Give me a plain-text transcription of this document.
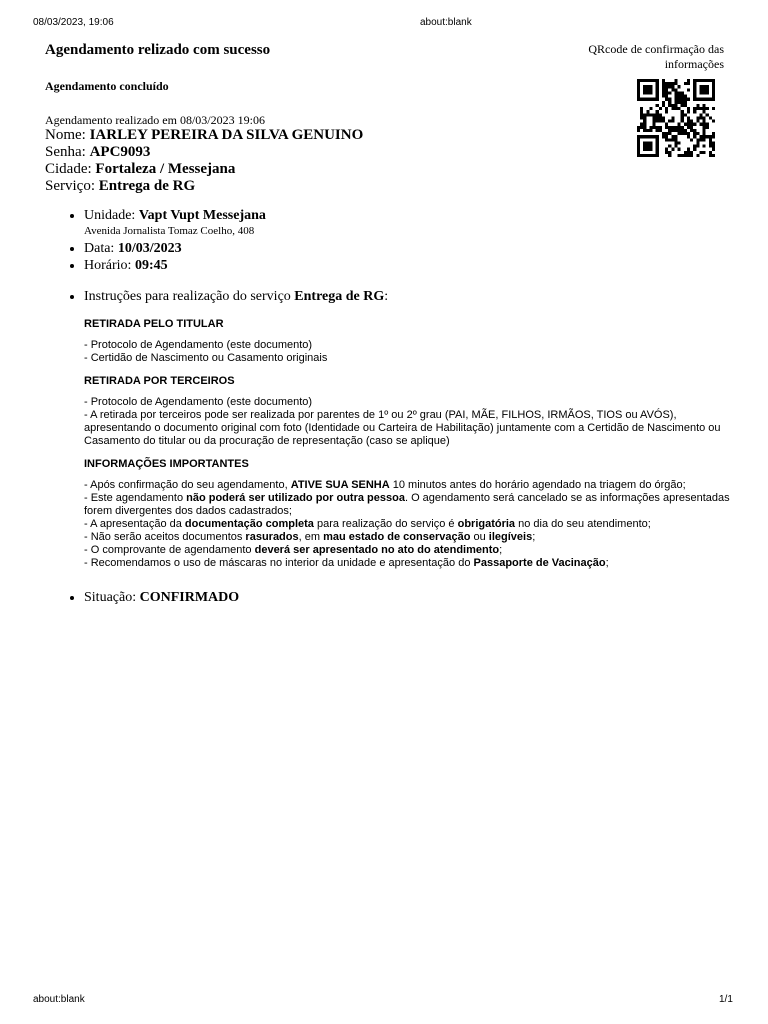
08/03/2023, 19:06	about:blank
Agendamento relizado com sucesso	QRcode de confirmação das informações
Agendamento concluído
Agendamento realizado em 08/03/2023 19:06
Nome: IARLEY PEREIRA DA SILVA GENUINO
Senha: APC9093
Cidade: Fortaleza / Messejana
Serviço: Entrega de RG
• Unidade: Vapt Vupt Messejana
Avenida Jornalista Tomaz Coelho, 408
• Data: 10/03/2023
• Horário: 09:45
• Instruções para realização do serviço Entrega de RG:
RETIRADA PELO TITULAR

- Protocolo de Agendamento (este documento)

- Certidão de Nascimento ou Casamento originais

RETIRADA POR TERCEIROS

- Protocolo de Agendamento (este documento)

- A retirada por terceiros pode ser realizada por parentes de 1º ou 2º grau (PAI, MÃE, FILHOS, IRMÃOS, TIOS ou AVÓS), apresentando o documento original com foto (Identidade ou Carteira de Habilitação) juntamente com a Certidão de Nascimento ou Casamento do titular ou da procuração de representação (caso se aplique)

INFORMAÇÕES IMPORTANTES

- Após confirmação do seu agendamento, ATIVE SUA SENHA 10 minutos antes do horário agendado na triagem do órgão;

- Este agendamento não poderá ser utilizado por outra pessoa. O agendamento será cancelado se as informações apresentadas forem divergentes dos dados cadastrados;

- A apresentação da documentação completa para realização do serviço é obrigatória no dia do seu atendimento;

- Não serão aceitos documentos rasurados, em mau estado de conservação ou ilegíveis;

- O comprovante de agendamento deverá ser apresentado no ato do atendimento;

- Recomendamos o uso de máscaras no interior da unidade e apresentação do Passaporte de Vacinação;

• Situação: CONFIRMADO
about:blank	1/1
